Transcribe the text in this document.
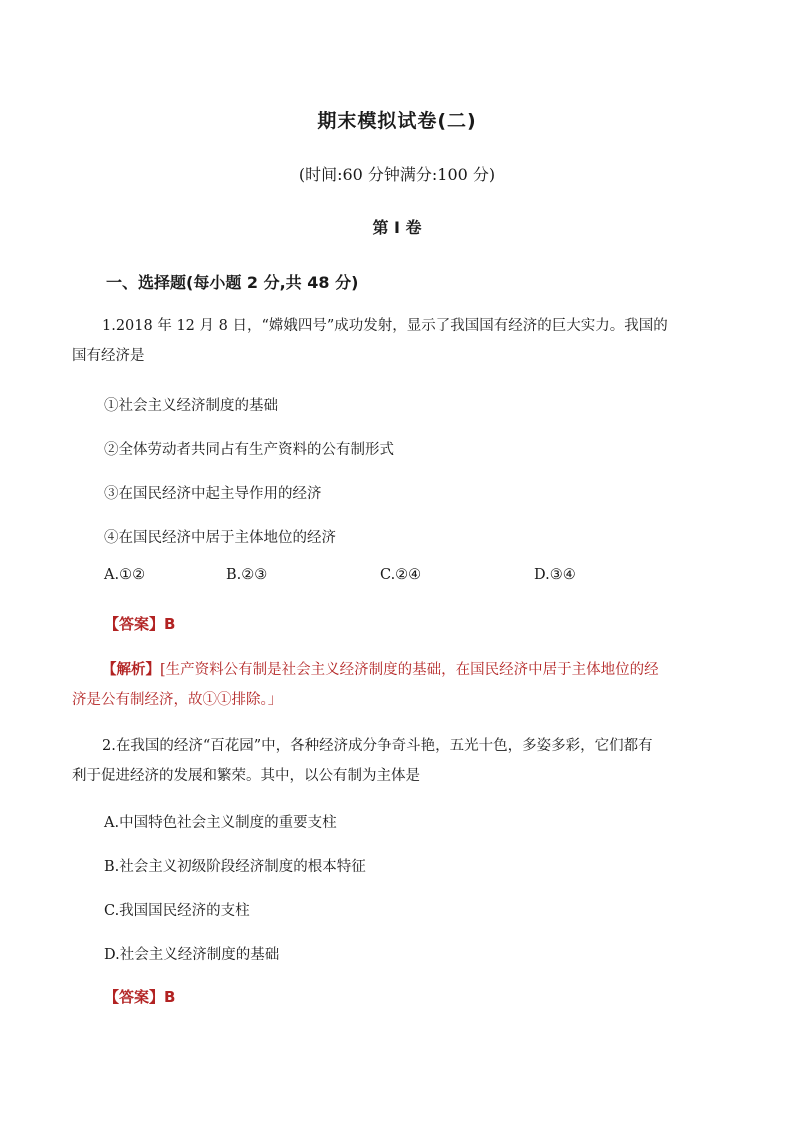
期末模拟试卷(二)
(时间:60 分钟满分:100 分)
第 I 卷
一、选择题(每小题 2 分,共 48 分)
1.2018 年 12 月 8 日，“嫦娥四号”成功发射，显示了我国国有经济的巨大实力。我国的
国有经济是
①社会主义经济制度的基础
②全体劳动者共同占有生产资料的公有制形式
③在国民经济中起主导作用的经济
④在国民经济中居于主体地位的经济
A.①②	B.②③	C.②④	D.③④
【答案】B
【解析】[生产资料公有制是社会主义经济制度的基础，在国民经济中居于主体地位的经
济是公有制经济，故①①排除。」
2.在我国的经济“百花园”中，各种经济成分争奇斗艳，五光十色，多姿多彩，它们都有
利于促进经济的发展和繁荣。其中，以公有制为主体是
A.中国特色社会主义制度的重要支柱
B.社会主义初级阶段经济制度的根本特征
C.我国国民经济的支柱
D.社会主义经济制度的基础
【答案】B
